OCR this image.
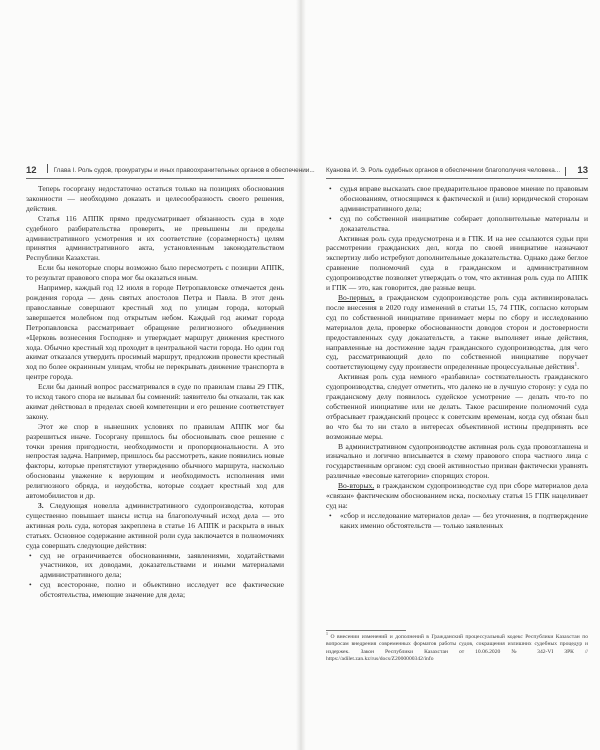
12	Глава I. Роль судов, прокуратуры и иных правоохранительных органов в обеспечении...

Теперь госоргану недостаточно остаться только на позициях обоснования законности — необходимо доказать и целесообразность своего решения, действия.

Статья 116 АППК прямо предусматривает обязанность суда в ходе судебного разбирательства проверить, не превышены ли пределы административного усмотрения и их соответствие (соразмерность) целям принятия административного акта, установленным законодательством Республики Казахстан.

Если бы некоторые споры возможно было пересмотреть с позиции АППК, то результат правового спора мог бы оказаться иным.

Например, каждый год 12 июля в городе Петропавловске отмечается день рождения города — день святых апостолов Петра и Павла. В этот день православные совершают крестный ход по улицам города, который завершается молебном под открытым небом. Каждый год акимат города Петропавловска рассматривает обращение религиозного объединения «Церковь вознесения Господня» и утверждает маршрут движения крестного хода. Обычно крестный ход проходит в центральной части города. Но один год акимат отказался утвердить просимый маршрут, предложив провести крестный ход по более окраинным улицам, чтобы не перекрывать движение транспорта в центре города.

Если бы данный вопрос рассматривался в суде по правилам главы 29 ГПК, то исход такого спора не вызывал бы сомнений: заявителю бы отказали, так как акимат действовал в пределах своей компетенции и его решение соответствует закону.

Этот же спор в нынешних условиях по правилам АППК мог бы разрешиться иначе. Госоргану пришлось бы обосновывать свое решение с точки зрения пригодности, необходимости и пропорциональности. А это непростая задача. Например, пришлось бы рассмотреть, какие появились новые факторы, которые препятствуют утверждению обычного маршрута, насколько обоснованы уважение к верующим и необходимость исполнения ими религиозного обряда, и неудобства, которые создает крестный ход для автомобилистов и др.

3. Следующая новелла административного судопроизводства, которая существенно повышает шансы истца на благополучный исход дела — это активная роль суда, которая закреплена в статье 16 АППК и раскрыта в иных статьях. Основное содержание активной роли суда заключается в полномочиях суда совершать следующие действия:

• суд не ограничивается обоснованиями, заявлениями, ходатайствами участников, их доводами, доказательствами и иными материалами административного дела;
• суд всесторонне, полно и объективно исследует все фактические обстоятельства, имеющие значение для дела;
Куанова И. Э. Роль судебных органов в обеспечении благополучия человека... 13
• судья вправе высказать свое предварительное правовое мнение по правовым обоснованиям, относящимся к фактической и (или) юридической сторонам административного дела;
• суд по собственной инициативе собирает дополнительные материалы и доказательства.

Активная роль суда предусмотрена и в ГПК. И на нее ссылаются судьи при рассмотрении гражданских дел, когда по своей инициативе назначают экспертизу либо истребуют дополнительные доказательства. Однако даже беглое сравнение полномочий суда в гражданском и административном судопроизводстве позволяет утверждать о том, что активная роль суда по АППК и ГПК — это, как говорится, две разные вещи.

Во-первых, в гражданском судопроизводстве роль суда активизировалась после внесения в 2020 году изменений в статьи 15, 74 ГПК, согласно которым суд по собственной инициативе принимает меры по сбору и исследованию материалов дела, проверке обоснованности доводов сторон и достоверности предоставленных суду доказательств, а также выполняет иные действия, направленные на достижение задач гражданского судопроизводства, для чего суд, рассматривающий дело по собственной инициативе поручает соответствующему суду произвести определенные процессуальные действия$^1$.

Активная роль суда немного «разбавила» состязательность гражданского судопроизводства, следует отметить, что далеко не в лучшую сторону: у суда по гражданскому делу появилось судейское усмотрение — делать что-то по собственной инициативе или не делать. Такое расширение полномочий суда отбрасывает гражданский процесс к советским временам, когда суд обязан был во что бы то ни стало в интересах объективной истины предпринять все возможные меры.

В административном судопроизводстве активная роль суда провозглашена и изначально и логично вписывается в схему правового спора частного лица с государственным органом: суд своей активностью призван фактически уравнять различные «весовые категории» спорящих сторон.

Во-вторых, в гражданском судопроизводстве суд при сборе материалов дела «связан» фактическим обоснованием иска, поскольку статья 15 ГПК нацеливает суд на:

• «сбор и исследование материалов дела» — без уточнения, в подтверждение каких именно обстоятельств — только заявленных
$^1$ О внесении изменений и дополнений в Гражданский процессуальный кодекс Республики Казахстан по вопросам внедрения современных форматов работы судов, сокращения излишних судебных процедур и издержек. Закон Республики Казахстан от 10.06.2020 № 342-VI ЗРК // https://adilet.zan.kz/rus/docs/Z2000000342/info
